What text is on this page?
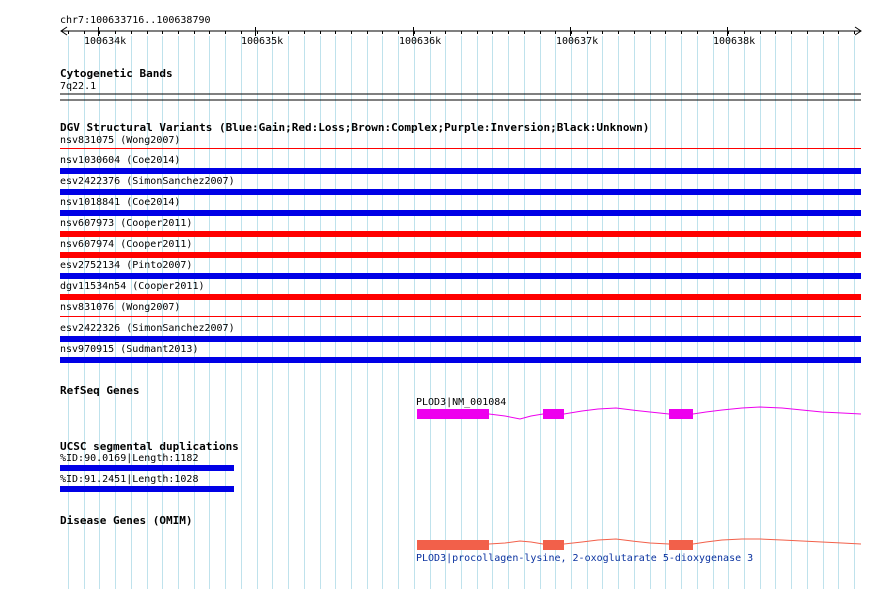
chr7:100633716..100638790
100634k	100635k	100636k	100637k	100638k
Cytogenetic Bands
7q22.1
DGV Structural Variants (Blue:Gain;Red:Loss;Brown:Complex;Purple:Inversion;Black:Unknown)
nsv831075 (Wong2007)
nsv1030604 (Coe2014)
esv2422376 (SimonSanchez2007)
nsv1018841 (Coe2014)
nsv607973 (Cooper2011)
nsv607974 (Cooper2011)
esv2752134 (Pinto2007)
dgv11534n54 (Cooper2011)
nsv831076 (Wong2007)
esv2422326 (SimonSanchez2007)
nsv970915 (Sudmant2013)
RefSeq Genes
PLOD3|NM_001084
UCSC segmental duplications
%ID:90.0169|Length:1182
%ID:91.2451|Length:1028
Disease Genes (OMIM)
PLOD3|procollagen-lysine, 2-oxoglutarate 5-dioxygenase 3
